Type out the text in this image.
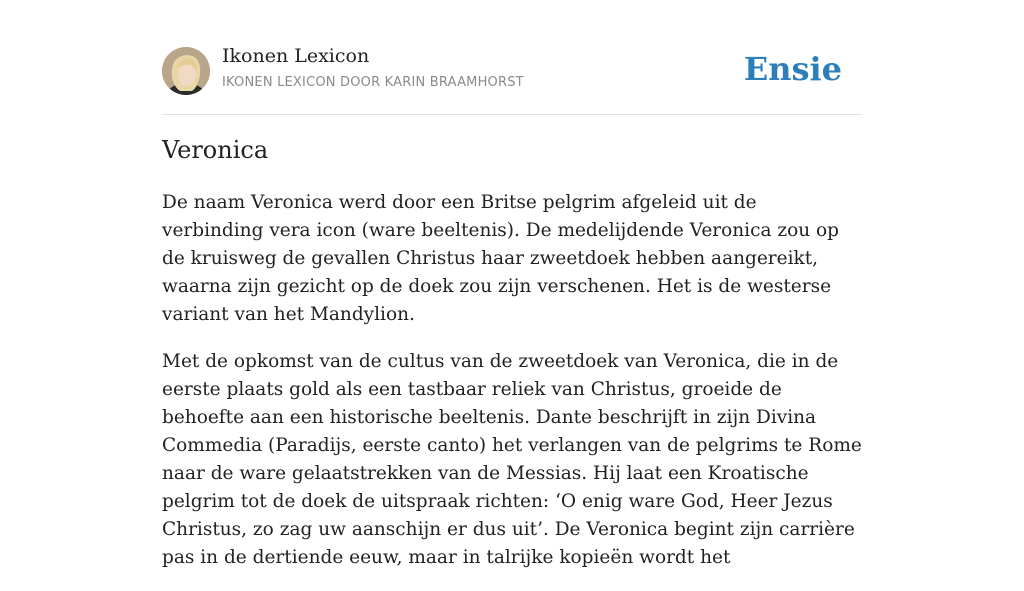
Ikonen Lexicon
IKONEN LEXICON DOOR KARIN BRAAMHORST	Ensie
Veronica

De naam Veronica werd door een Britse pelgrim afgeleid uit de verbinding vera icon (ware beeltenis). De medelijdende Veronica zou op de kruisweg de gevallen Christus haar zweetdoek hebben aangereikt, waarna zijn gezicht op de doek zou zijn verschenen. Het is de westerse variant van het Mandylion.

Met de opkomst van de cultus van de zweetdoek van Veronica, die in de eerste plaats gold als een tastbaar reliek van Christus, groeide de behoefte aan een historische beeltenis. Dante beschrijft in zijn Divina Commedia (Paradijs, eerste canto) het verlangen van de pelgrims te Rome naar de ware gelaatstrekken van de Messias. Hij laat een Kroatische pelgrim tot de doek de uitspraak richten: ‘O enig ware God, Heer Jezus Christus, zo zag uw aanschijn er dus uit’. De Veronica begint zijn carrière pas in de dertiende eeuw, maar in talrijke kopieën wordt het
